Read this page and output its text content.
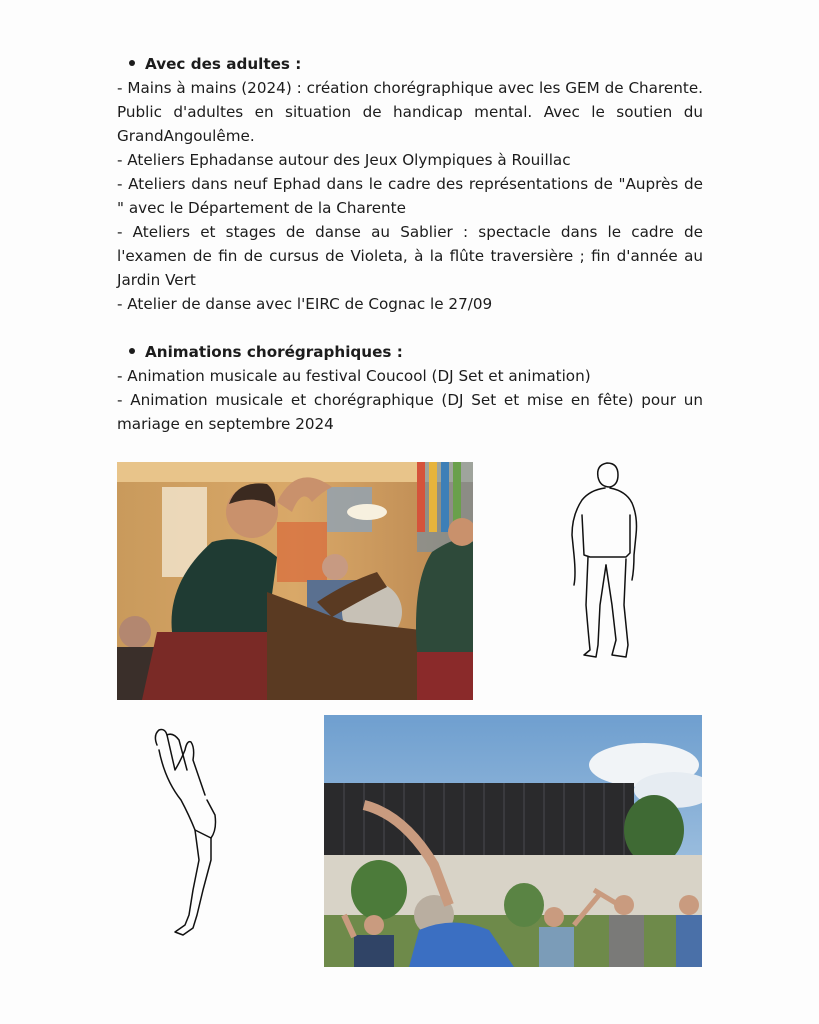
Avec des adultes :

- Mains à mains (2024) : création chorégraphique avec les GEM de Charente. Public d'adultes en situation de handicap mental. Avec le soutien du GrandAngoulême.

- Ateliers Ephadanse autour des Jeux Olympiques à Rouillac

- Ateliers dans neuf Ephad dans le cadre des représentations de "Auprès de " avec le Département de la Charente

- Ateliers et stages de danse au Sablier : spectacle dans le cadre de l'examen de fin de cursus de Violeta, à la flûte traversière ; fin d'année au Jardin Vert

- Atelier de danse avec l'EIRC de Cognac le 27/09

Animations chorégraphiques :

- Animation musicale au festival Coucool (DJ Set et animation)

- Animation musicale et chorégraphique (DJ Set et mise en fête) pour un mariage en septembre 2024
